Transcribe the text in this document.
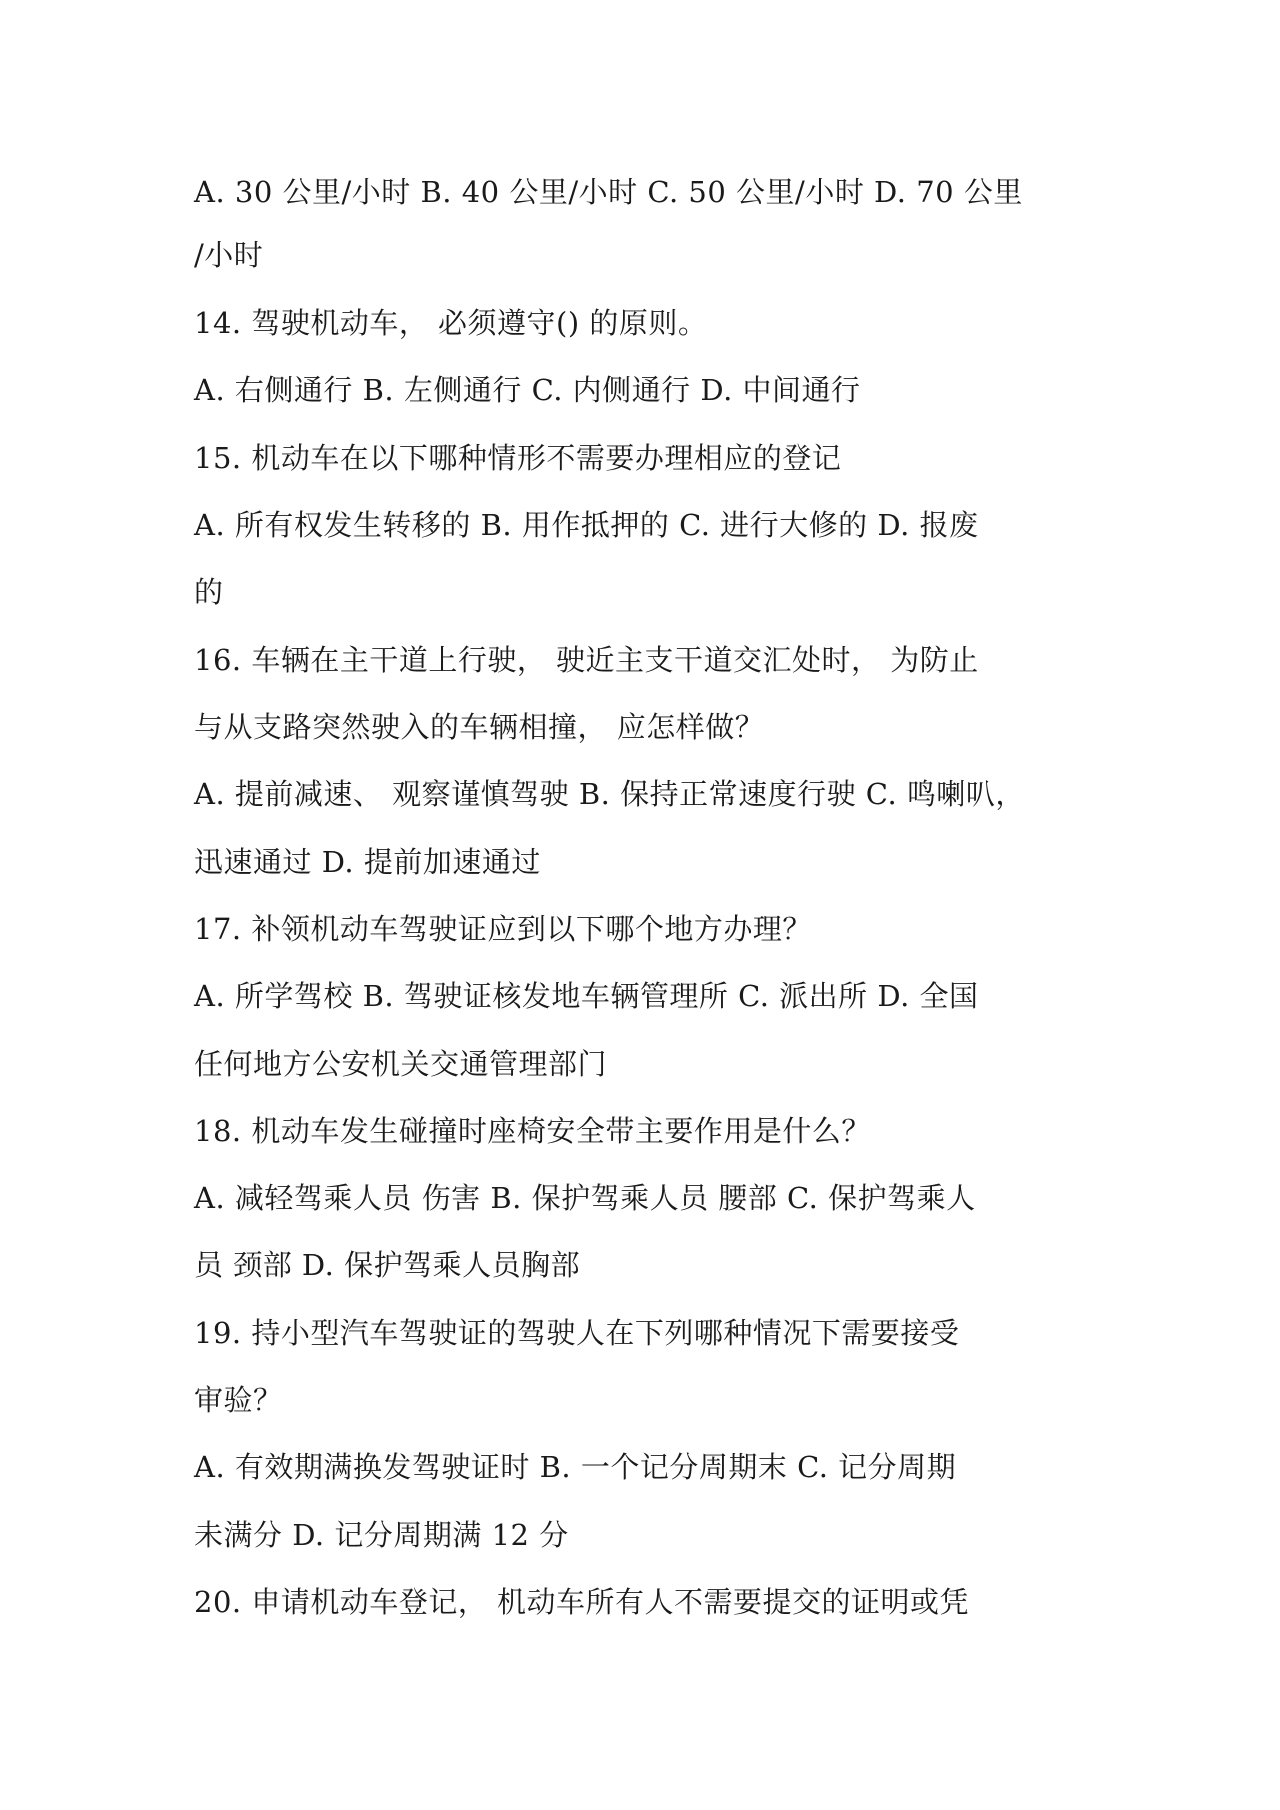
A. 30 公里/小时 B. 40 公里/小时 C. 50 公里/小时 D. 70 公里
/小时
14. 驾驶机动车， 必须遵守() 的原则。
A. 右侧通行 B. 左侧通行 C. 内侧通行 D. 中间通行
15. 机动车在以下哪种情形不需要办理相应的登记
A. 所有权发生转移的 B. 用作抵押的 C. 进行大修的 D. 报废
的
16. 车辆在主干道上行驶， 驶近主支干道交汇处时， 为防止
与从支路突然驶入的车辆相撞， 应怎样做？
A. 提前减速、 观察谨慎驾驶 B. 保持正常速度行驶 C. 鸣喇叭，
迅速通过 D. 提前加速通过
17. 补领机动车驾驶证应到以下哪个地方办理？
A. 所学驾校 B. 驾驶证核发地车辆管理所 C. 派出所 D. 全国
任何地方公安机关交通管理部门
18. 机动车发生碰撞时座椅安全带主要作用是什么？
A. 减轻驾乘人员 伤害 B. 保护驾乘人员 腰部 C. 保护驾乘人
员 颈部 D. 保护驾乘人员胸部
19. 持小型汽车驾驶证的驾驶人在下列哪种情况下需要接受
审验？
A. 有效期满换发驾驶证时 B. 一个记分周期末 C. 记分周期
未满分 D. 记分周期满 12 分
20. 申请机动车登记， 机动车所有人不需要提交的证明或凭
